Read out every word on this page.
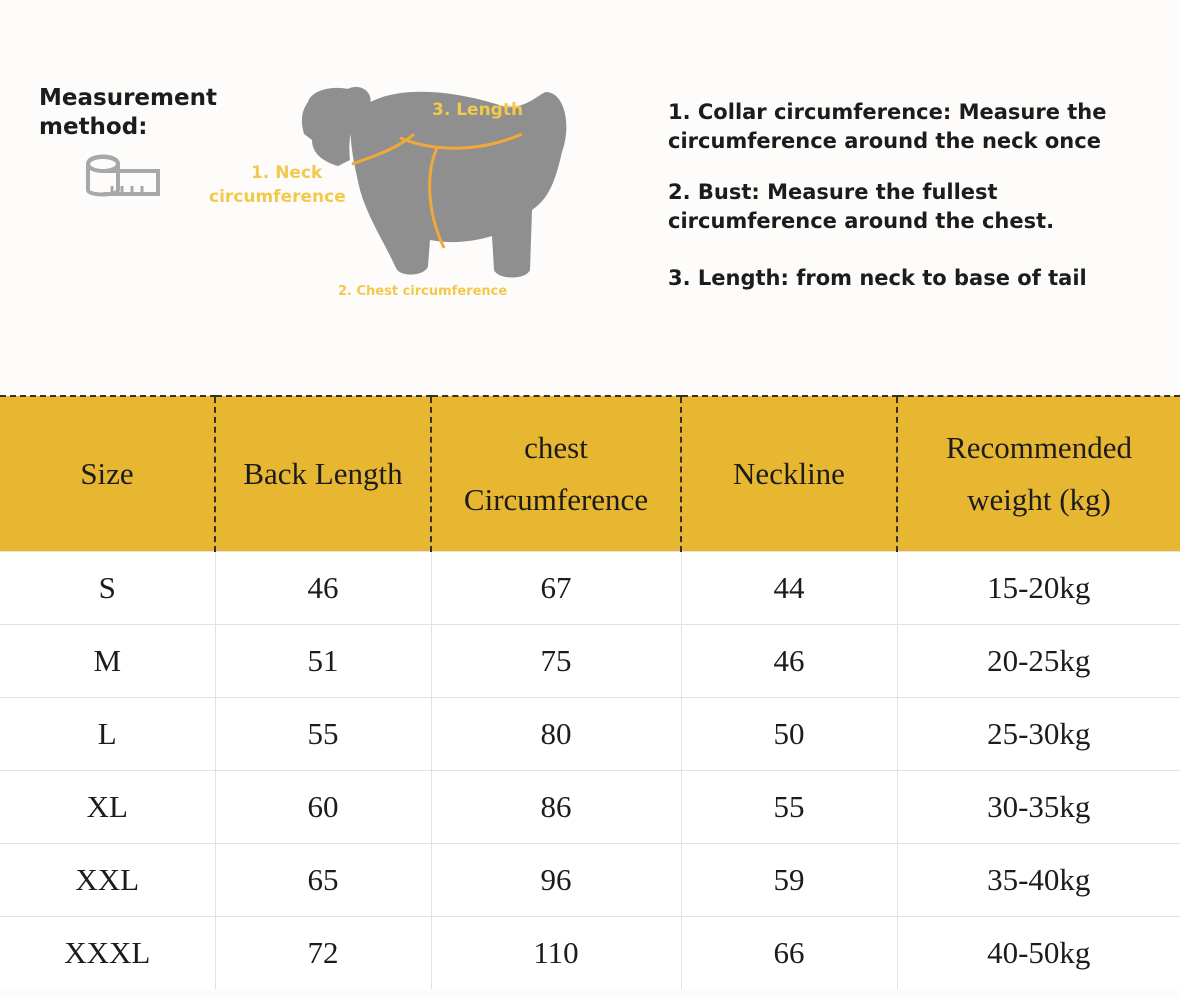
Measurement method:
3. Length
1. Neck
circumference
2. Chest circumference

1. Collar circumference: Measure the circumference around the neck once

2. Bust: Measure the fullest circumference around the chest.

3. Length: from neck to base of tail

Size	Back Length	chest Circumference	Neckline	Recommended weight (kg)
S	46	67	44	15-20kg
M	51	75	46	20-25kg
L	55	80	50	25-30kg
XL	60	86	55	30-35kg
XXL	65	96	59	35-40kg
XXXL	72	110	66	40-50kg
